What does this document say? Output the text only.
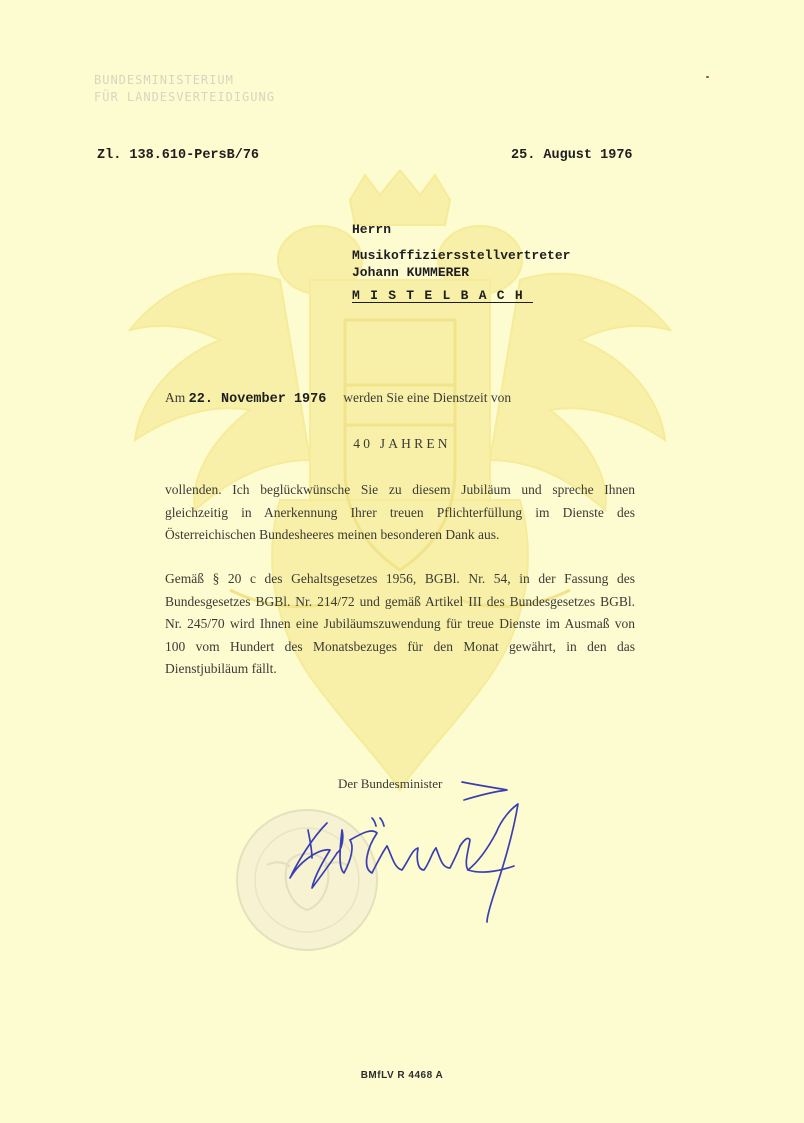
BUNDESMINISTERIUM
FÜR LANDESVERTEIDIGUNG
Zl. 138.610-PersB/76	25. August 1976
Herrn
Musikoffiziersstellvertreter
Johann KUMMERER
MISTELBACH
Am 22. November 1976 werden Sie eine Dienstzeit von
40 JAHREN
vollenden. Ich beglückwünsche Sie zu diesem Jubiläum und spreche Ihnen gleichzeitig in Anerkennung Ihrer treuen Pflichterfüllung im Dienste des Österreichischen Bundesheeres meinen besonderen Dank aus.
Gemäß § 20 c des Gehaltsgesetzes 1956, BGBl. Nr. 54, in der Fassung des Bundesgesetzes BGBl. Nr. 214/72 und gemäß Artikel III des Bundesgesetzes BGBl. Nr. 245/70 wird Ihnen eine Jubiläumszuwendung für treue Dienste im Ausmaß von 100 vom Hundert des Monatsbezuges für den Monat gewährt, in den das Dienstjubiläum fällt.
Der Bundesminister
BMfLV R 4468 A
